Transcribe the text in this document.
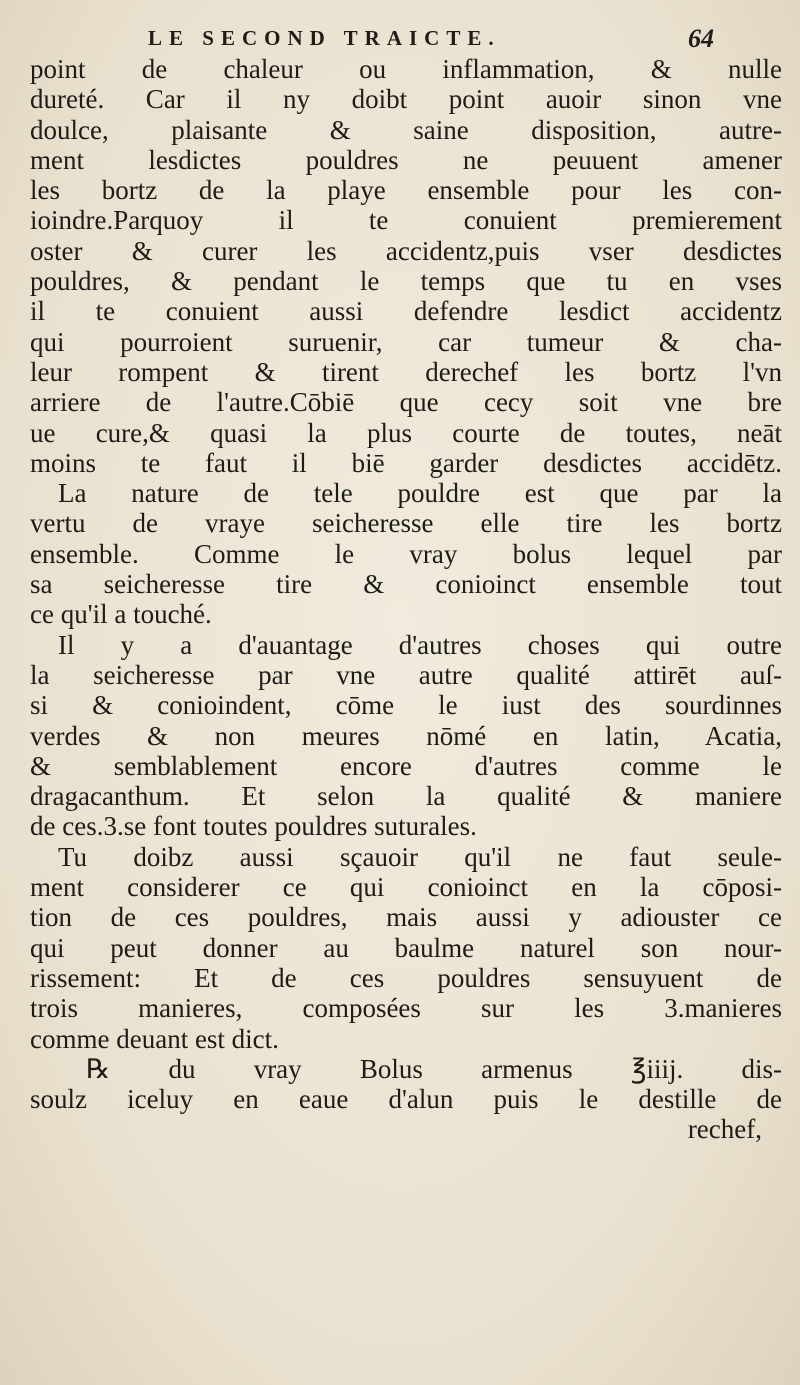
LE SECOND TRAICTE.	64
point de chaleur ou inflammation, & nulle
dureté. Car il ny doibt point auoir sinon vne
doulce, plaisante & saine disposition, autre-
ment lesdictes pouldres ne peuuent amener
les bortz de la playe ensemble pour les con-
ioindre.Parquoy il te conuient premierement
oster & curer les accidentz,puis vser desdictes
pouldres, & pendant le temps que tu en vses
il te conuient aussi defendre lesdict accidentz
qui pourroient suruenir, car tumeur & cha-
leur rompent & tirent derechef les bortz l'vn
arriere de l'autre.Cōbiē que cecy soit vne bre
ue cure,& quasi la plus courte de toutes, neāt
moins te faut il biē garder desdictes accidētz.
La nature de tele pouldre est que par la
vertu de vraye seicheresse elle tire les bortz
ensemble. Comme le vray bolus lequel par
sa seicheresse tire & conioinct ensemble tout
ce qu'il a touché.
Il y a d'auantage d'autres choses qui outre
la seicheresse par vne autre qualité attirēt auſ-
si & conioindent, cōme le iust des sourdinnes
verdes & non meures nōmé en latin, Acatia,
& semblablement encore d'autres comme le
dragacanthum. Et selon la qualité & maniere
de ces.3.se font toutes pouldres suturales.
Tu doibz aussi sçauoir qu'il ne faut seule-
ment considerer ce qui conioinct en la cōposi-
tion de ces pouldres, mais aussi y adiouster ce
qui peut donner au baulme naturel son nour-
rissement: Et de ces pouldres sensuyuent de
trois manieres, composées sur les 3.manieres
comme deuant est dict.
℞ du vray Bolus armenus ℥iiij. dis-
soulz iceluy en eaue d'alun puis le destille de
rechef,
